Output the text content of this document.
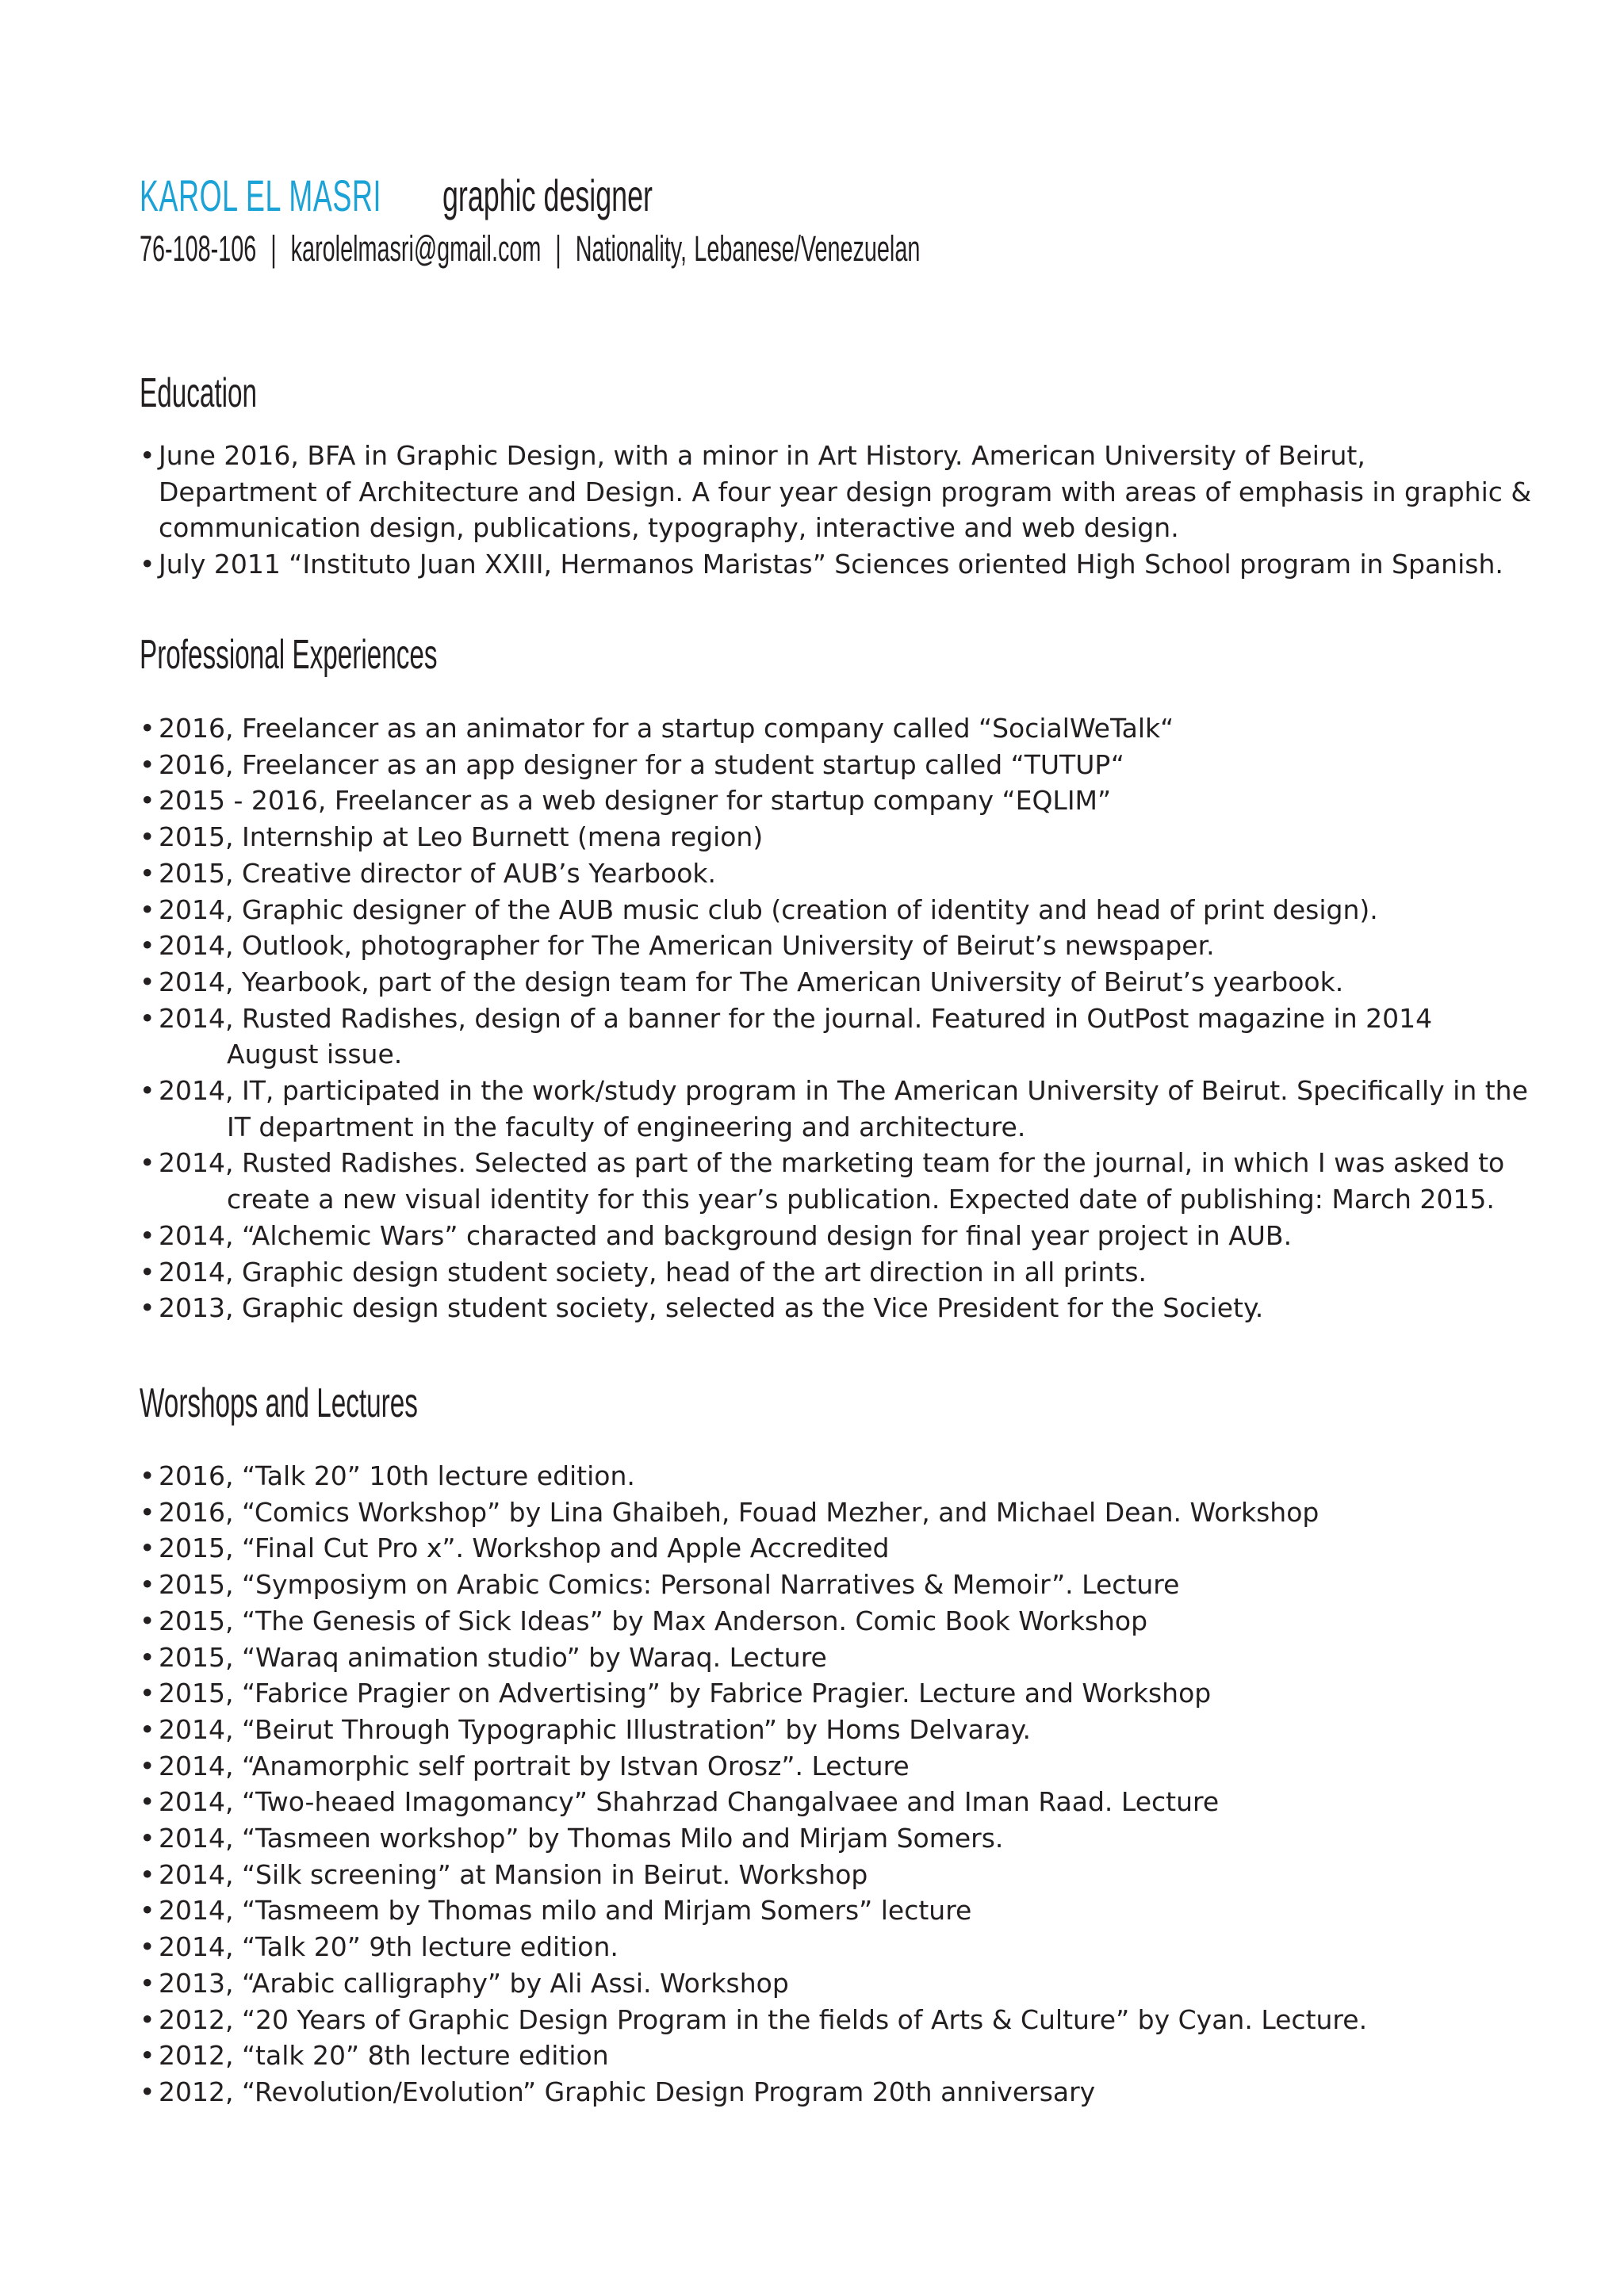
KAROL EL MASRI graphic designer
76-108-106 | karolelmasri@gmail.com | Nationality, Lebanese/Venezuelan
Education
• June 2016, BFA in Graphic Design, with a minor in Art History. American University of Beirut,
Department of Architecture and Design. A four year design program with areas of emphasis in graphic &
communication design, publications, typography, interactive and web design.
• July 2011 “Instituto Juan XXIII, Hermanos Maristas” Sciences oriented High School program in Spanish.
Professional Experiences
• 2016, Freelancer as an animator for a startup company called “SocialWeTalk“
• 2016, Freelancer as an app designer for a student startup called “TUTUP“
• 2015 - 2016, Freelancer as a web designer for startup company “EQLIM”
• 2015, Internship at Leo Burnett (mena region)
• 2015, Creative director of AUB’s Yearbook.
• 2014, Graphic designer of the AUB music club (creation of identity and head of print design).
• 2014, Outlook, photographer for The American University of Beirut’s newspaper.
• 2014, Yearbook, part of the design team for The American University of Beirut’s yearbook.
• 2014, Rusted Radishes, design of a banner for the journal. Featured in OutPost magazine in 2014
August issue.
• 2014, IT, participated in the work/study program in The American University of Beirut. Specifically in the
IT department in the faculty of engineering and architecture.
• 2014, Rusted Radishes. Selected as part of the marketing team for the journal, in which I was asked to
create a new visual identity for this year’s publication. Expected date of publishing: March 2015.
• 2014, “Alchemic Wars” characted and background design for final year project in AUB.
• 2014, Graphic design student society, head of the art direction in all prints.
• 2013, Graphic design student society, selected as the Vice President for the Society.
Worshops and Lectures
• 2016, “Talk 20” 10th lecture edition.
• 2016, “Comics Workshop” by Lina Ghaibeh, Fouad Mezher, and Michael Dean. Workshop
• 2015, “Final Cut Pro x”. Workshop and Apple Accredited
• 2015, “Symposiym on Arabic Comics: Personal Narratives & Memoir”. Lecture
• 2015, “The Genesis of Sick Ideas” by Max Anderson. Comic Book Workshop
• 2015, “Waraq animation studio” by Waraq. Lecture
• 2015, “Fabrice Pragier on Advertising” by Fabrice Pragier. Lecture and Workshop
• 2014, “Beirut Through Typographic Illustration” by Homs Delvaray.
• 2014, “Anamorphic self portrait by Istvan Orosz”. Lecture
• 2014, “Two-heaed Imagomancy” Shahrzad Changalvaee and Iman Raad. Lecture
• 2014, “Tasmeen workshop” by Thomas Milo and Mirjam Somers.
• 2014, “Silk screening” at Mansion in Beirut. Workshop
• 2014, “Tasmeem by Thomas milo and Mirjam Somers” lecture
• 2014, “Talk 20” 9th lecture edition.
• 2013, “Arabic calligraphy” by Ali Assi. Workshop
• 2012, “20 Years of Graphic Design Program in the fields of Arts & Culture” by Cyan. Lecture.
• 2012, “talk 20” 8th lecture edition
• 2012, “Revolution/Evolution” Graphic Design Program 20th anniversary
